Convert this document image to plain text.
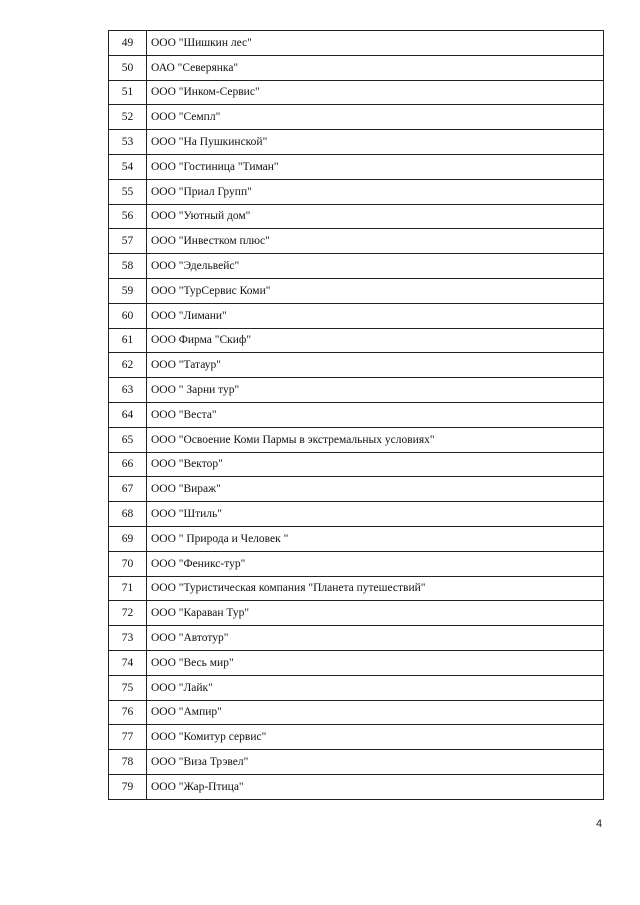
49	ООО "Шишкин лес"
50	ОАО "Северянка"
51	ООО "Инком-Сервис"
52	ООО "Семпл"
53	ООО "На Пушкинской"
54	ООО "Гостиница "Тиман"
55	ООО "Приал Групп"
56	ООО "Уютный дом"
57	ООО "Инвестком плюс"
58	ООО "Эдельвейс"
59	ООО "ТурСервис Коми"
60	ООО "Лимани"
61	ООО Фирма "Скиф"
62	ООО "Татаур"
63	ООО " Зарни тур"
64	ООО "Веста"
65	ООО "Освоение Коми Пармы в экстремальных условиях"
66	ООО "Вектор"
67	ООО "Вираж"
68	ООО "Штиль"
69	ООО " Природа и Человек "
70	ООО "Феникс-тур"
71	ООО "Туристическая компания "Планета путешествий"
72	ООО "Караван Тур"
73	ООО "Автотур"
74	ООО "Весь мир"
75	ООО "Лайк"
76	ООО "Ампир"
77	ООО "Комитур сервис"
78	ООО "Виза Трэвел"
79	ООО "Жар-Птица"
4
